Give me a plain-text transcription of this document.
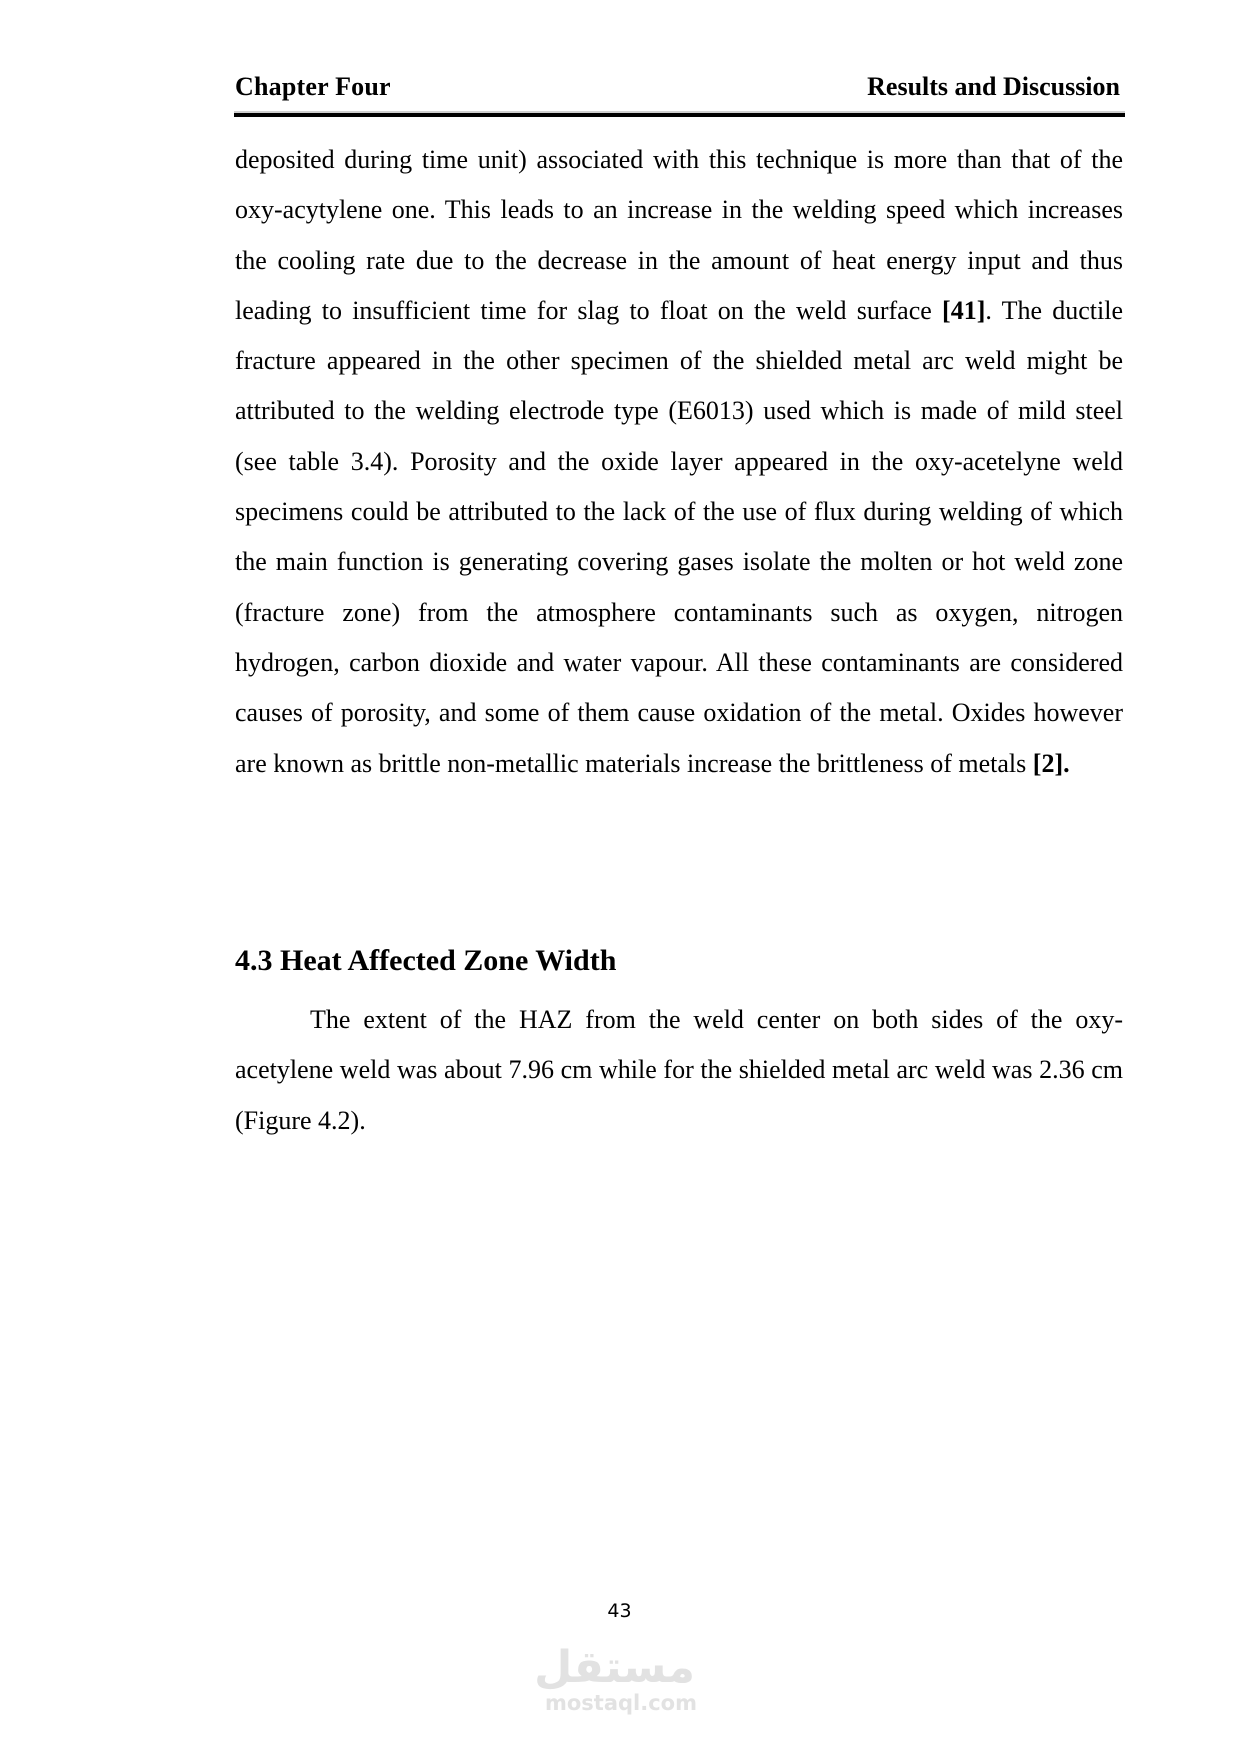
Chapter Four	Results and Discussion

deposited during time unit) associated with this technique is more than that of the oxy-acytylene one. This leads to an increase in the welding speed which increases the cooling rate due to the decrease in the amount of heat energy input and thus leading to insufficient time for slag to float on the weld surface [41]. The ductile fracture appeared in the other specimen of the shielded metal arc weld might be attributed to the welding electrode type (E6013) used which is made of mild steel (see table 3.4). Porosity and the oxide layer appeared in the oxy-acetelyne weld specimens could be attributed to the lack of the use of flux during welding of which the main function is generating covering gases isolate the molten or hot weld zone (fracture zone) from the atmosphere contaminants such as oxygen, nitrogen hydrogen, carbon dioxide and water vapour. All these contaminants are considered causes of porosity, and some of them cause oxidation of the metal. Oxides however are known as brittle non-metallic materials increase the brittleness of metals [2].

4.3 Heat Affected Zone Width

The extent of the HAZ from the weld center on both sides of the oxy-acetylene weld was about 7.96 cm while for the shielded metal arc weld was 2.36 cm (Figure 4.2).

43
مستقل
mostaql.com
